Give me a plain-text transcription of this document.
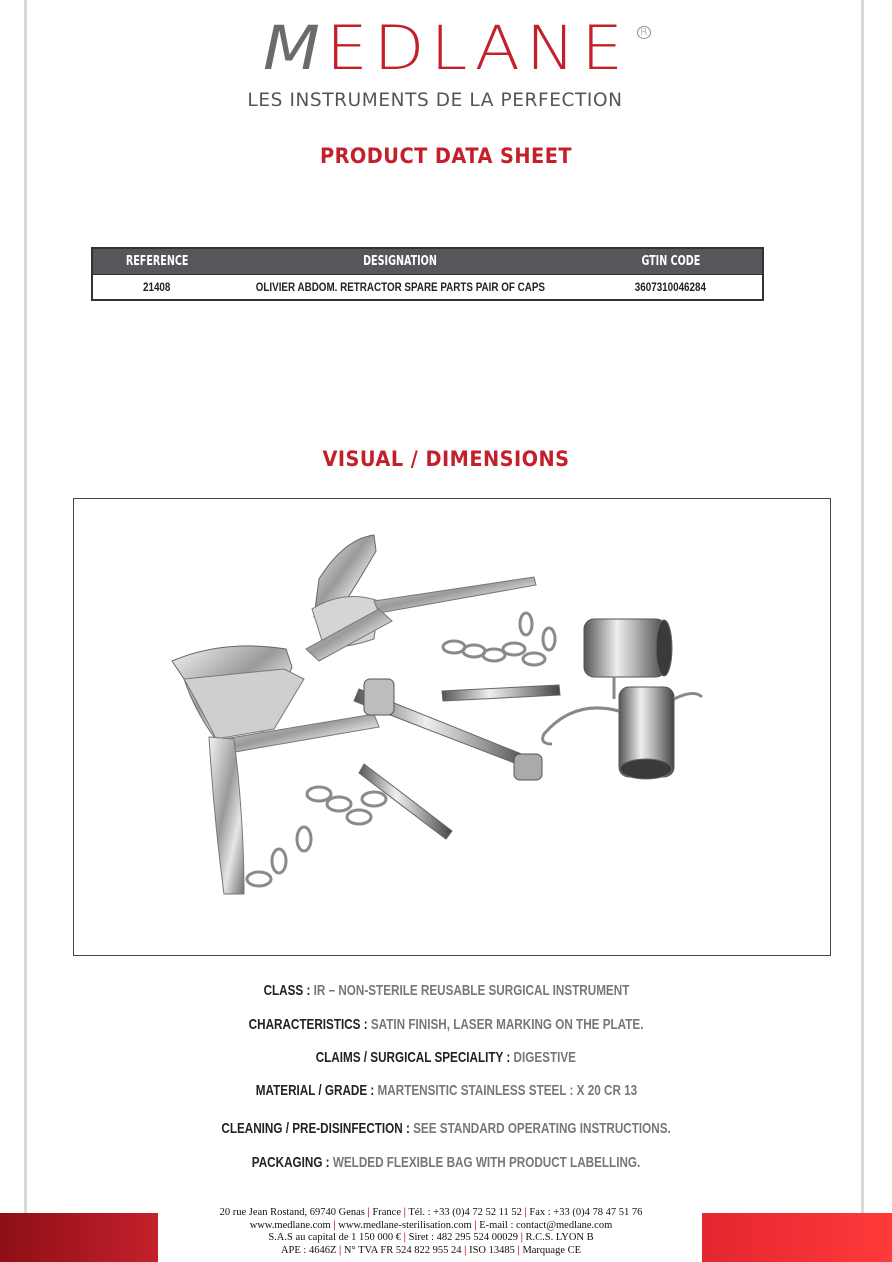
MEDLANE R
LES INSTRUMENTS DE LA PERFECTION
PRODUCT DATA SHEET
REFERENCE	DESIGNATION	GTIN CODE
21408	OLIVIER ABDOM. RETRACTOR SPARE PARTS PAIR OF CAPS	3607310046284
VISUAL / DIMENSIONS
CLASS : IR – NON-STERILE REUSABLE SURGICAL INSTRUMENT
CHARACTERISTICS : SATIN FINISH, LASER MARKING ON THE PLATE.
CLAIMS / SURGICAL SPECIALITY : DIGESTIVE
MATERIAL / GRADE : MARTENSITIC STAINLESS STEEL : X 20 CR 13
CLEANING / PRE-DISINFECTION : SEE STANDARD OPERATING INSTRUCTIONS.
PACKAGING : WELDED FLEXIBLE BAG WITH PRODUCT LABELLING.
20 rue Jean Rostand, 69740 Genas | France | Tél. : +33 (0)4 72 52 11 52 | Fax : +33 (0)4 78 47 51 76
www.medlane.com | www.medlane-sterilisation.com | E-mail : contact@medlane.com
S.A.S au capital de 1 150 000 € | Siret : 482 295 524 00029 | R.C.S. LYON B
APE : 4646Z | N° TVA FR 524 822 955 24 | ISO 13485 | Marquage CE
